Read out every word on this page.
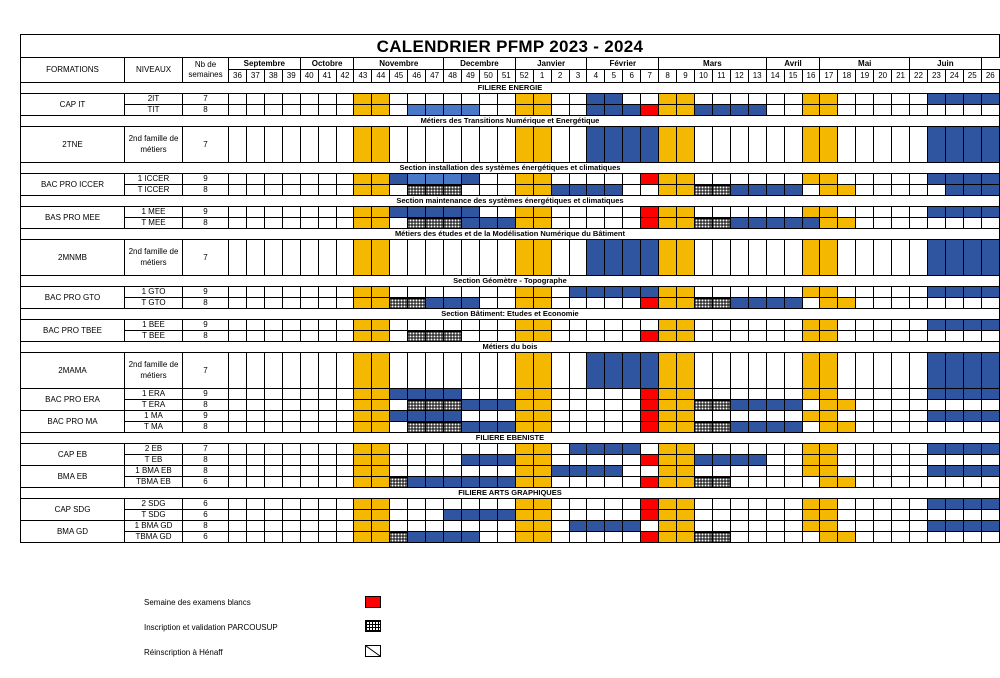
CALENDRIER PFMP 2023 - 2024																																													
FORMATIONS	NIVEAUX	Nb de semaines	Septembre				Octobre			Novembre					Decembre				Janvier				Février				Mars						Avril			Mai					Juin				
			36	37	38	39	40	41	42	43	44	45	46	47	48	49	50	51	52	1	2	3	4	5	6	7	8	9	10	11	12	13	14	15	16	17	18	19	20	21	22	23	24	25	26
FILIERE ENERGIE																																													
CAP IT	2IT	7																																											
	TIT	8																																											
Métiers des Transitions Numérique et Energétique																																													
2TNE	2nd famille de métiers	7																																											
Section installation des systèmes énergétiques et climatiques																																													
BAC PRO ICCER	1 ICCER	9																																											
	T ICCER	8																																											
Section maintenance des systèmes énergétiques et climatiques																																													
BAS PRO MEE	1 MEE	9																																											
	T MEE	8																																											
Métiers des études et de la Modélisation Numérique du Bâtiment																																													
2MNMB	2nd famille de métiers	7																																											
Section Géomètre - Topographe																																													
BAC PRO GTO	1 GTO	9																																											
	T GTO	8																																											
Section Bâtiment: Etudes et Economie																																													
BAC PRO TBEE	1 BEE	9																																											
	T BEE	8																																											
Métiers du bois																																													
2MAMA	2nd famille de métiers	7																																											
BAC PRO ERA	1 ERA	9																																											
	T ERA	8																																											
BAC PRO MA	1 MA	9																																											
	T MA	8																																											
FILIERE EBENISTE																																													
CAP EB	2 EB	7																																											
	T EB	8																																											
BMA EB	1 BMA EB	8																																											
	TBMA EB	6																																											
FILIERE ARTS GRAPHIQUES																																													
CAP SDG	2 SDG	6																																											
	T SDG	6																																											
BMA GD	1 BMA GD	8																																											
	TBMA GD	6																																											
Semaine des examens blancs
Inscription et validation PARCOUSUP
Réinscription à Hénaff
